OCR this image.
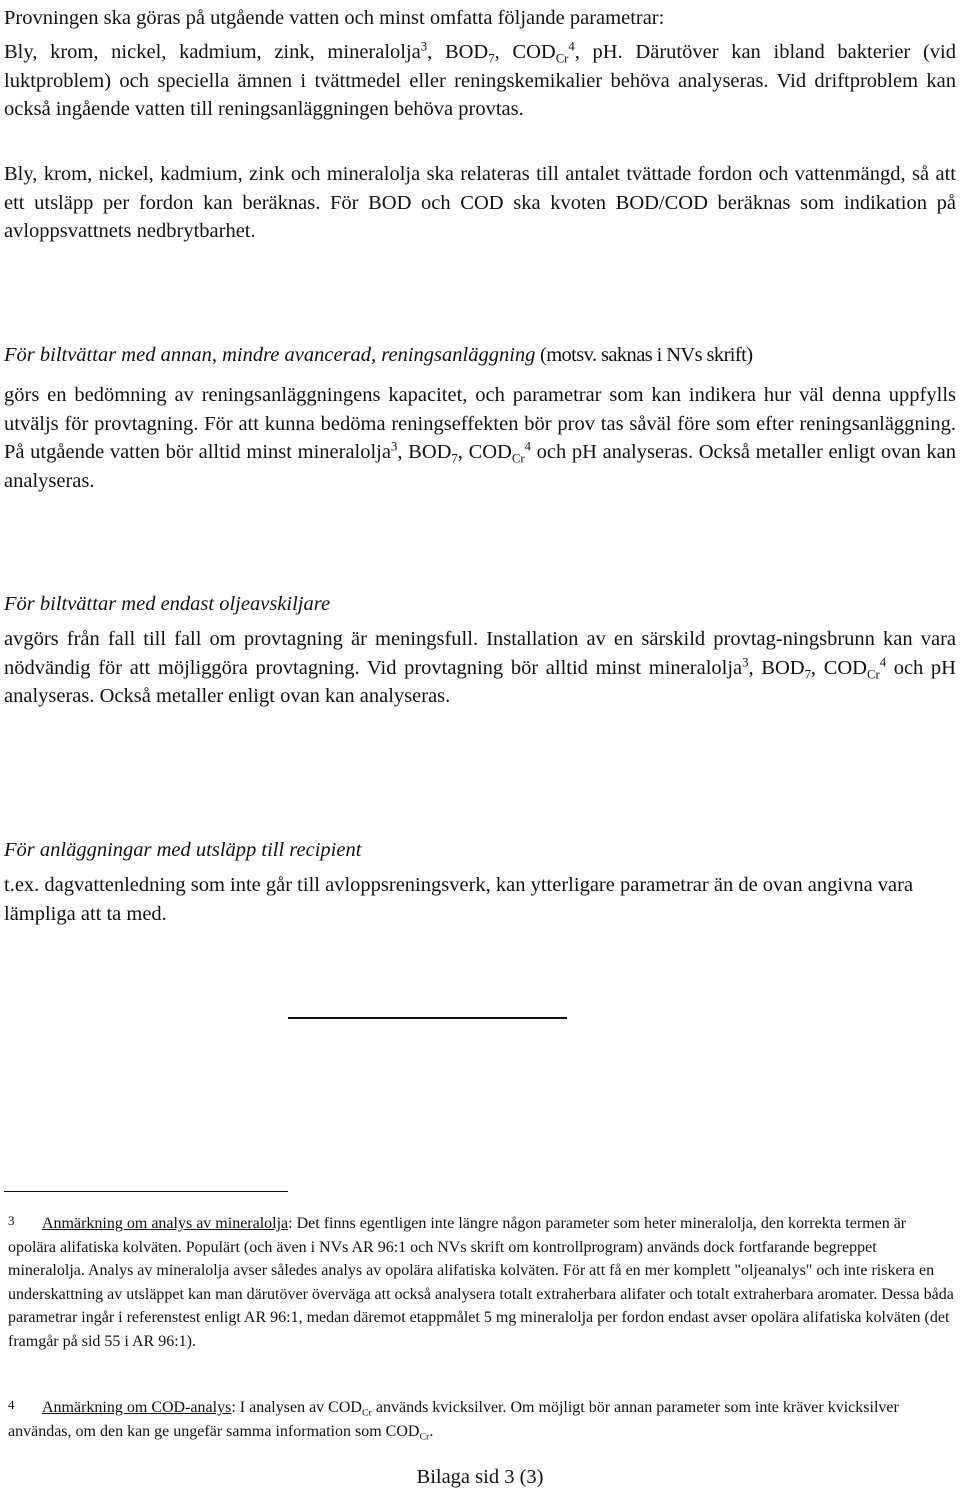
Provningen ska göras på utgående vatten och minst omfatta följande parametrar:
Bly, krom, nickel, kadmium, zink, mineralolja$^3$, $BOD_7$, $COD_{Cr}^4$, pH. Därutöver kan ibland bakterier (vid luktproblem) och speciella ämnen i tvättmedel eller reningskemikalier behöva analyseras. Vid driftproblem kan också ingående vatten till reningsanläggningen behöva provtas.
Bly, krom, nickel, kadmium, zink och mineralolja ska relateras till antalet tvättade fordon och vattenmängd, så att ett utsläpp per fordon kan beräknas. För BOD och COD ska kvoten BOD/COD beräknas som indikation på avloppsvattnets nedbrytbarhet.
För biltvättar med annan, mindre avancerad, reningsanläggning (motsv. saknas i NVs skrift)
görs en bedömning av reningsanläggningens kapacitet, och parametrar som kan indikera hur väl denna uppfylls utväljs för provtagning. För att kunna bedöma reningseffekten bör prov tas såväl före som efter reningsanläggning. På utgående vatten bör alltid minst mineralolja$^3$, $BOD_7$, $COD_{Cr}^4$ och pH analyseras. Också metaller enligt ovan kan analyseras.
För biltvättar med endast oljeavskiljare
avgörs från fall till fall om provtagning är meningsfull. Installation av en särskild provtag-ningsbrunn kan vara nödvändig för att möjliggöra provtagning. Vid provtagning bör alltid minst mineralolja$^3$, $BOD_7$, $COD_{Cr}^4$ och pH analyseras. Också metaller enligt ovan kan analyseras.
För anläggningar med utsläpp till recipient
t.ex. dagvattenledning som inte går till avloppsreningsverk, kan ytterligare parametrar än de ovan angivna vara lämpliga att ta med.
3 Anmärkning om analys av mineralolja: Det finns egentligen inte längre någon parameter som heter mineralolja, den korrekta termen är opolära alifatiska kolväten. Populärt (och även i NVs AR 96:1 och NVs skrift om kontrollprogram) används dock fortfarande begreppet mineralolja. Analys av mineralolja avser således analys av opolära alifatiska kolväten. För att få en mer komplett "oljeanalys" och inte riskera en underskattning av utsläppet kan man därutöver överväga att också analysera totalt extraherbara alifater och totalt extraherbara aromater. Dessa båda parametrar ingår i referenstest enligt AR 96:1, medan däremot etappmålet 5 mg mineralolja per fordon endast avser opolära alifatiska kolväten (det framgår på sid 55 i AR 96:1).
4 Anmärkning om COD-analys: I analysen av $COD_{Cr}$ används kvicksilver. Om möjligt bör annan parameter som inte kräver kvicksilver användas, om den kan ge ungefär samma information som $COD_{Cr}$.
Bilaga sid 3 (3)
